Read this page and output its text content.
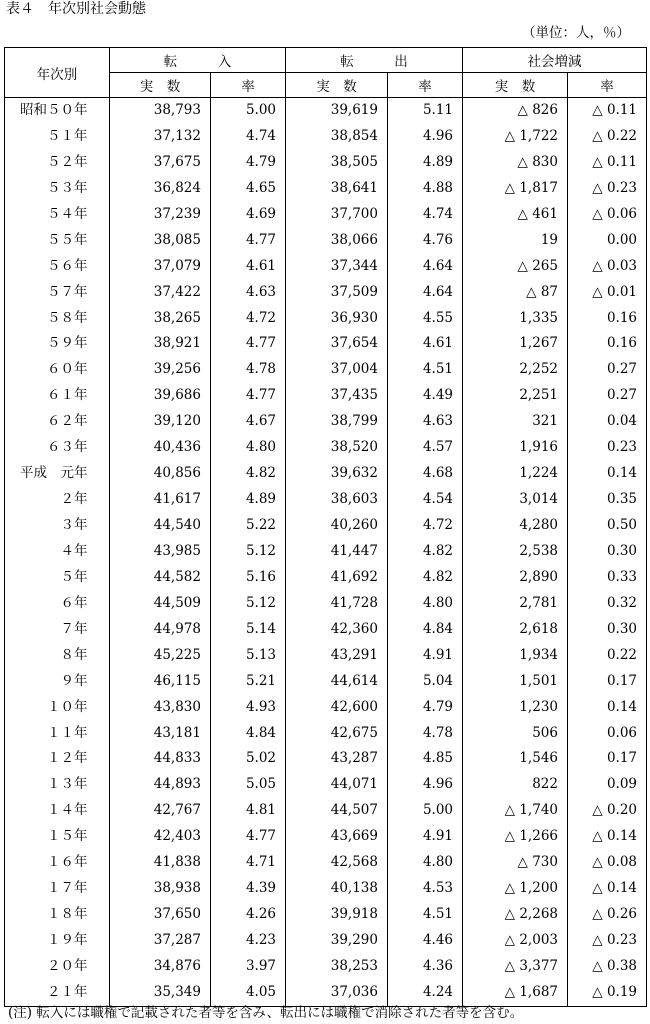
表４　年次別社会動態
（単位：人，％）
年次別	転　　　入		転　　　出		社会増減	
	実　数	率	実　数	率	実　数	率
昭和５０年	38,793	5.00	39,619	5.11	△ 826	△ 0.11
　　５１年	37,132	4.74	38,854	4.96	△ 1,722	△ 0.22
　　５２年	37,675	4.79	38,505	4.89	△ 830	△ 0.11
　　５３年	36,824	4.65	38,641	4.88	△ 1,817	△ 0.23
　　５４年	37,239	4.69	37,700	4.74	△ 461	△ 0.06
　　５５年	38,085	4.77	38,066	4.76	19	0.00
　　５６年	37,079	4.61	37,344	4.64	△ 265	△ 0.03
　　５７年	37,422	4.63	37,509	4.64	△ 87	△ 0.01
　　５８年	38,265	4.72	36,930	4.55	1,335	0.16
　　５９年	38,921	4.77	37,654	4.61	1,267	0.16
　　６０年	39,256	4.78	37,004	4.51	2,252	0.27
　　６１年	39,686	4.77	37,435	4.49	2,251	0.27
　　６２年	39,120	4.67	38,799	4.63	321	0.04
　　６３年	40,436	4.80	38,520	4.57	1,916	0.23
平成　元年	40,856	4.82	39,632	4.68	1,224	0.14
　　　２年	41,617	4.89	38,603	4.54	3,014	0.35
　　　３年	44,540	5.22	40,260	4.72	4,280	0.50
　　　４年	43,985	5.12	41,447	4.82	2,538	0.30
　　　５年	44,582	5.16	41,692	4.82	2,890	0.33
　　　６年	44,509	5.12	41,728	4.80	2,781	0.32
　　　７年	44,978	5.14	42,360	4.84	2,618	0.30
　　　８年	45,225	5.13	43,291	4.91	1,934	0.22
　　　９年	46,115	5.21	44,614	5.04	1,501	0.17
　　１０年	43,830	4.93	42,600	4.79	1,230	0.14
　　１１年	43,181	4.84	42,675	4.78	506	0.06
　　１２年	44,833	5.02	43,287	4.85	1,546	0.17
　　１３年	44,893	5.05	44,071	4.96	822	0.09
　　１４年	42,767	4.81	44,507	5.00	△ 1,740	△ 0.20
　　１５年	42,403	4.77	43,669	4.91	△ 1,266	△ 0.14
　　１６年	41,838	4.71	42,568	4.80	△ 730	△ 0.08
　　１７年	38,938	4.39	40,138	4.53	△ 1,200	△ 0.14
　　１８年	37,650	4.26	39,918	4.51	△ 2,268	△ 0.26
　　１９年	37,287	4.23	39,290	4.46	△ 2,003	△ 0.23
　　２０年	34,876	3.97	38,253	4.36	△ 3,377	△ 0.38
　　２１年	35,349	4.05	37,036	4.24	△ 1,687	△ 0.19
(注) 転入には職権で記載された者等を含み、転出には職権で消除された者等を含む。
